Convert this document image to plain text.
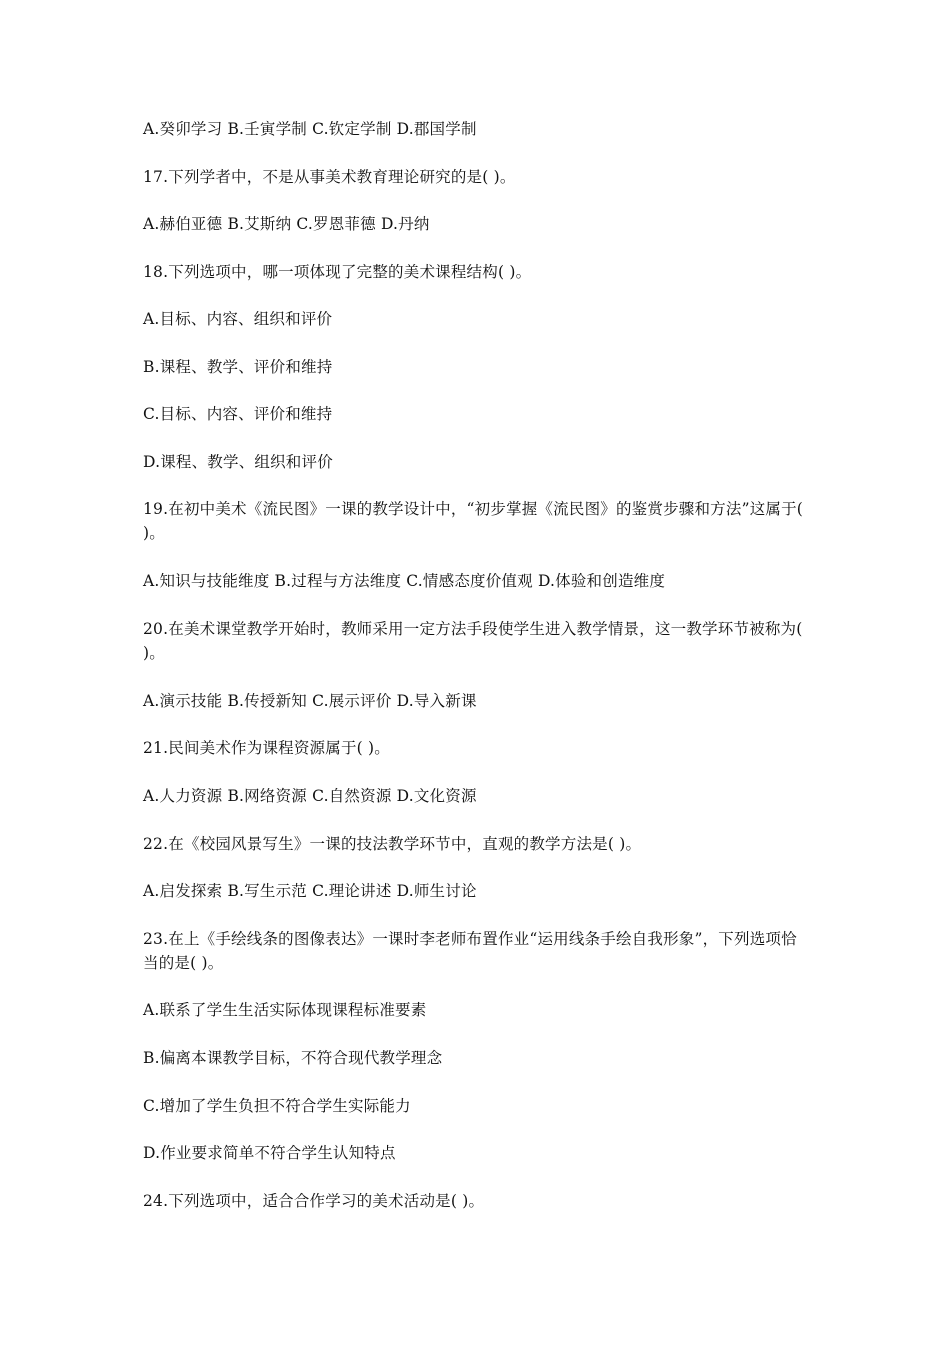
A.癸卯学习 B.壬寅学制 C.钦定学制 D.郡国学制
17.下列学者中，不是从事美术教育理论研究的是( )。
A.赫伯亚德 B.艾斯纳 C.罗恩菲德 D.丹纳
18.下列选项中，哪一项体现了完整的美术课程结构( )。
A.目标、内容、组织和评价
B.课程、教学、评价和维持
C.目标、内容、评价和维持
D.课程、教学、组织和评价
19.在初中美术《流民图》一课的教学设计中，“初步掌握《流民图》的鉴赏步骤和方法”这属于( )。
A.知识与技能维度 B.过程与方法维度 C.情感态度价值观 D.体验和创造维度
20.在美术课堂教学开始时，教师采用一定方法手段使学生进入教学情景，这一教学环节被称为( )。
A.演示技能 B.传授新知 C.展示评价 D.导入新课
21.民间美术作为课程资源属于( )。
A.人力资源 B.网络资源 C.自然资源 D.文化资源
22.在《校园风景写生》一课的技法教学环节中，直观的教学方法是( )。
A.启发探索 B.写生示范 C.理论讲述 D.师生讨论
23.在上《手绘线条的图像表达》一课时李老师布置作业“运用线条手绘自我形象”，下列选项恰当的是( )。
A.联系了学生生活实际体现课程标准要素
B.偏离本课教学目标，不符合现代教学理念
C.增加了学生负担不符合学生实际能力
D.作业要求简单不符合学生认知特点
24.下列选项中，适合合作学习的美术活动是( )。
